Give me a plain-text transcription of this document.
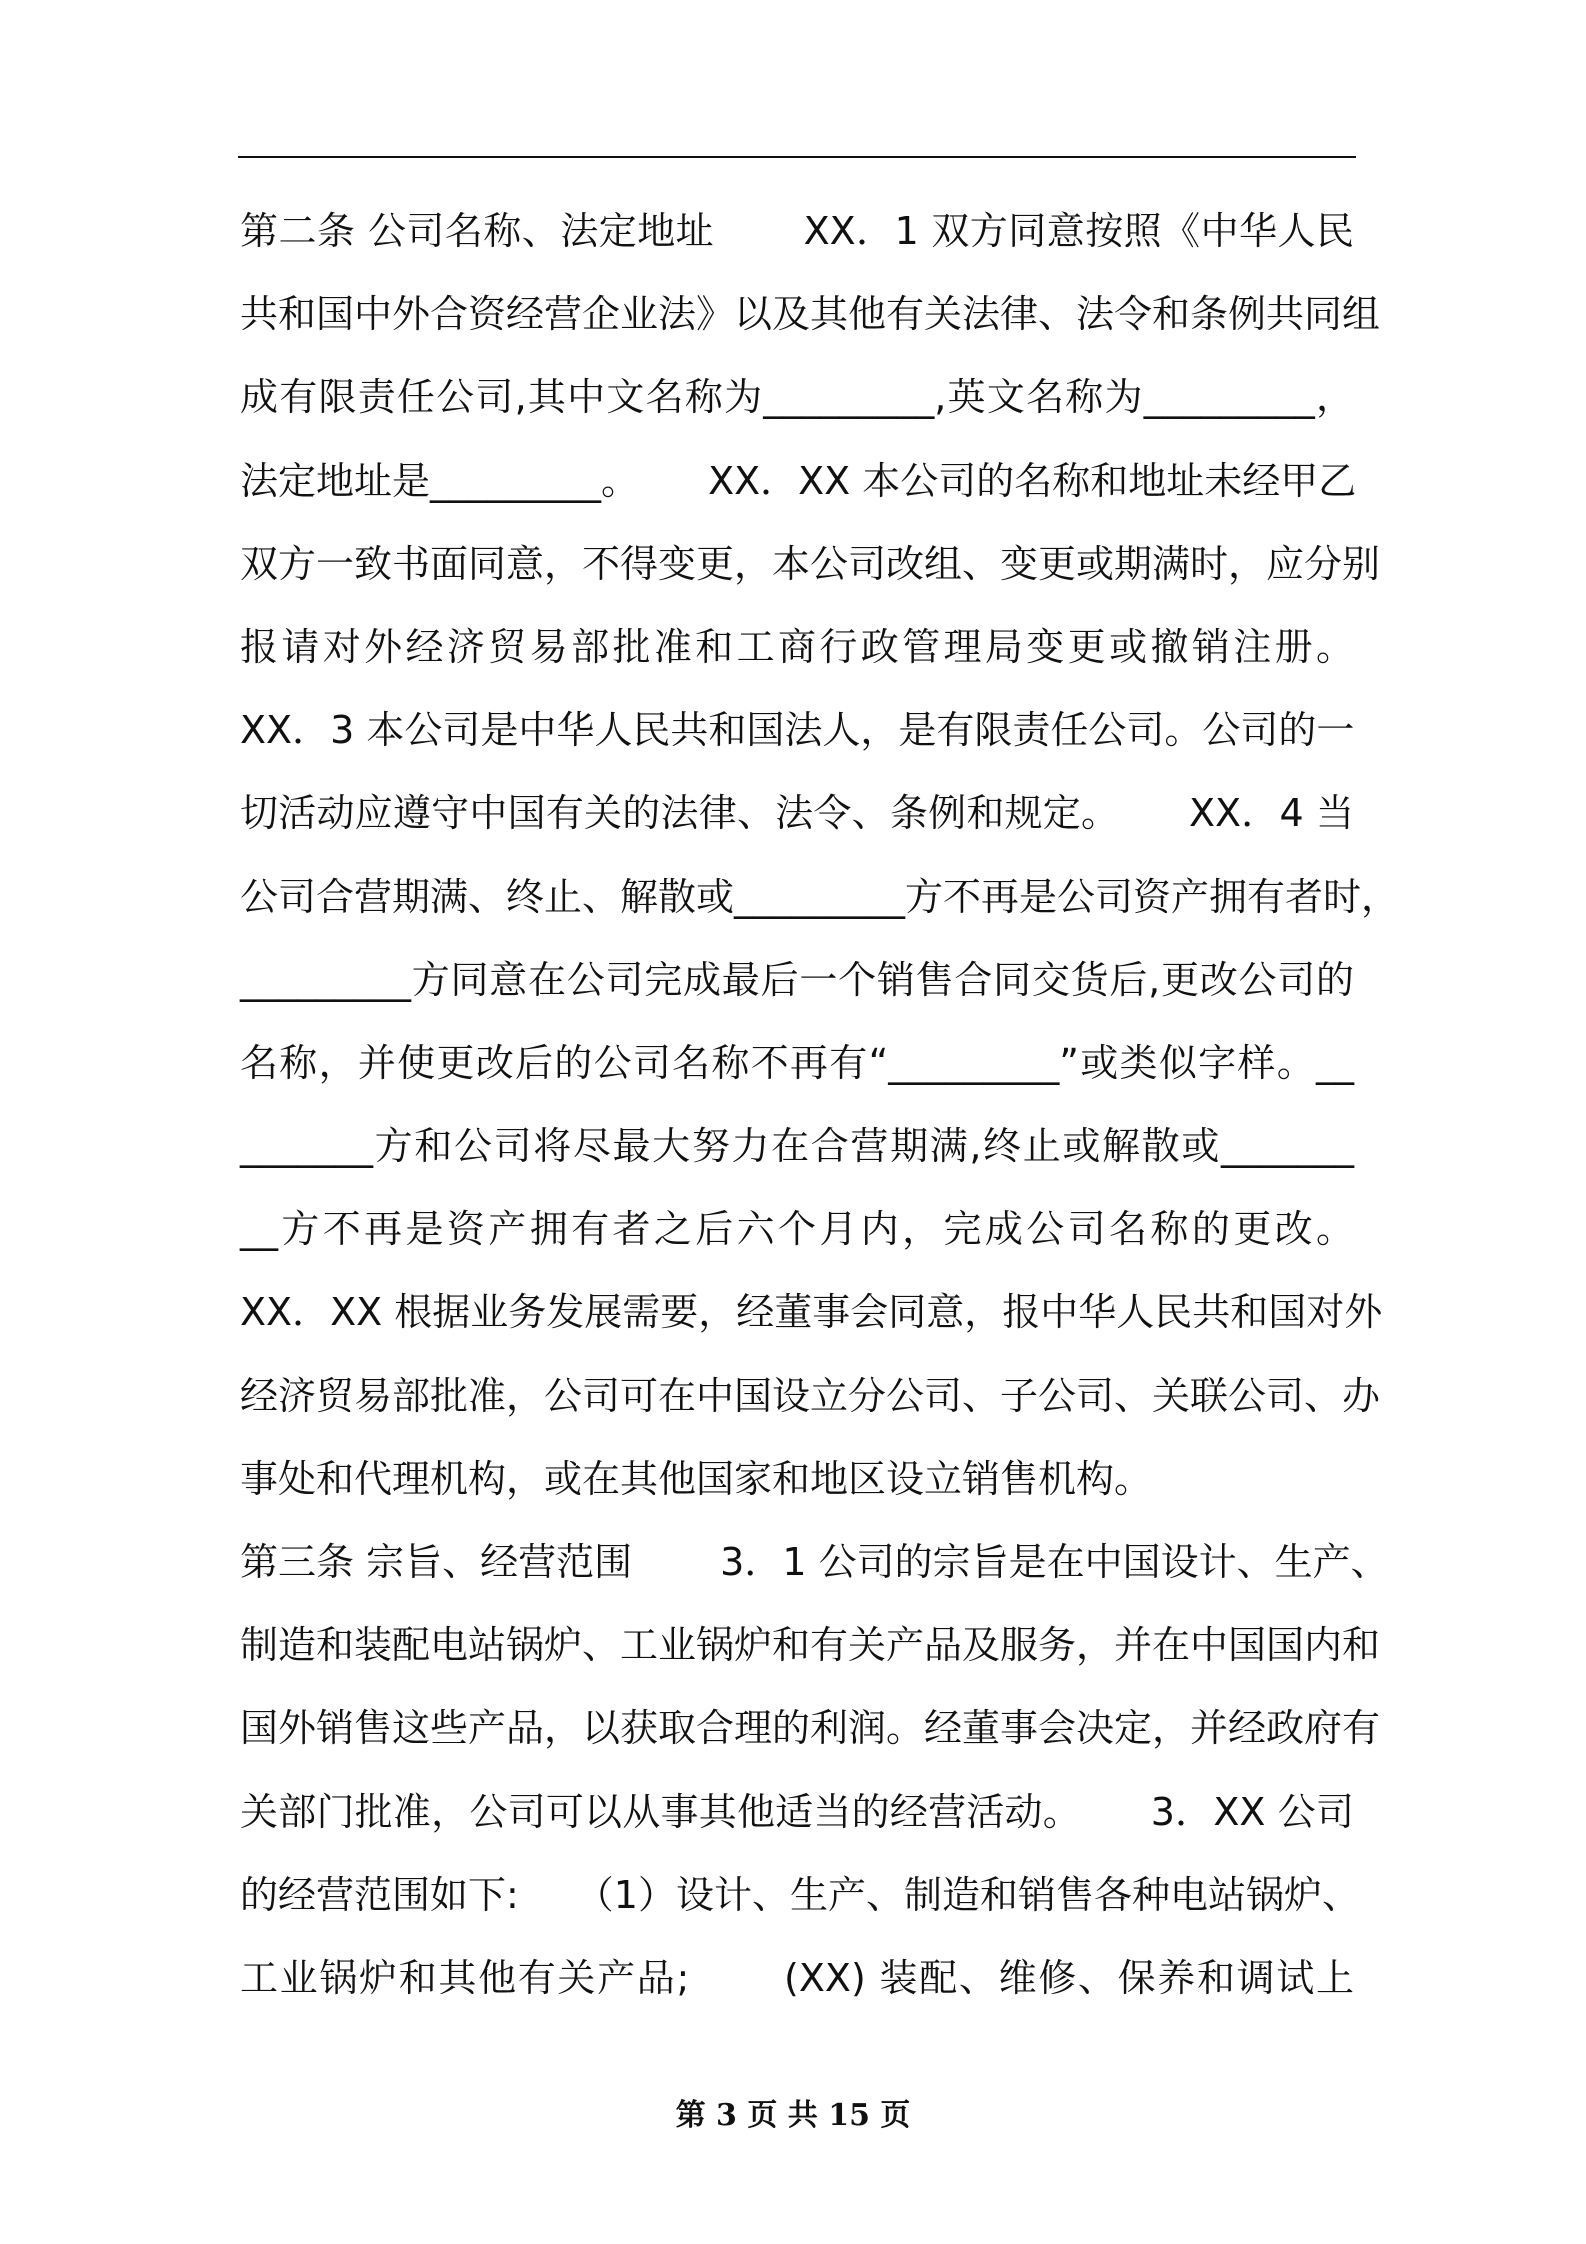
第二条 公司名称、法定地址　　 XX．1 双方同意按照《中华人民
共和国中外合资经营企业法》以及其他有关法律、法令和条例共同组
成有限责任公司,其中文名称为_________,英文名称为_________，
法定地址是_________。　　 XX．XX 本公司的名称和地址未经甲乙
双方一致书面同意，不得变更，本公司改组、变更或期满时，应分别
报请对外经济贸易部批准和工商行政管理局变更或撤销注册。
XX．3 本公司是中华人民共和国法人，是有限责任公司。公司的一
切活动应遵守中国有关的法律、法令、条例和规定。　　 XX．4 当
公司合营期满、终止、解散或_________方不再是公司资产拥有者时，
_________方同意在公司完成最后一个销售合同交货后,更改公司的
名称，并使更改后的公司名称不再有“_________”或类似字样。__
_______方和公司将尽最大努力在合营期满,终止或解散或_______
__方不再是资产拥有者之后六个月内，完成公司名称的更改。
XX．XX 根据业务发展需要，经董事会同意，报中华人民共和国对外
经济贸易部批准，公司可在中国设立分公司、子公司、关联公司、办
事处和代理机构，或在其他国家和地区设立销售机构。
第三条 宗旨、经营范围　　 3．1 公司的宗旨是在中国设计、生产、
制造和装配电站锅炉、工业锅炉和有关产品及服务，并在中国国内和
国外销售这些产品，以获取合理的利润。经董事会决定，并经政府有
关部门批准，公司可以从事其他适当的经营活动。　　 3．XX 公司
的经营范围如下:　　（1）设计、生产、制造和销售各种电站锅炉、
工业锅炉和其他有关产品;　　 (XX) 装配、维修、保养和调试上
第 3 页 共 15 页
